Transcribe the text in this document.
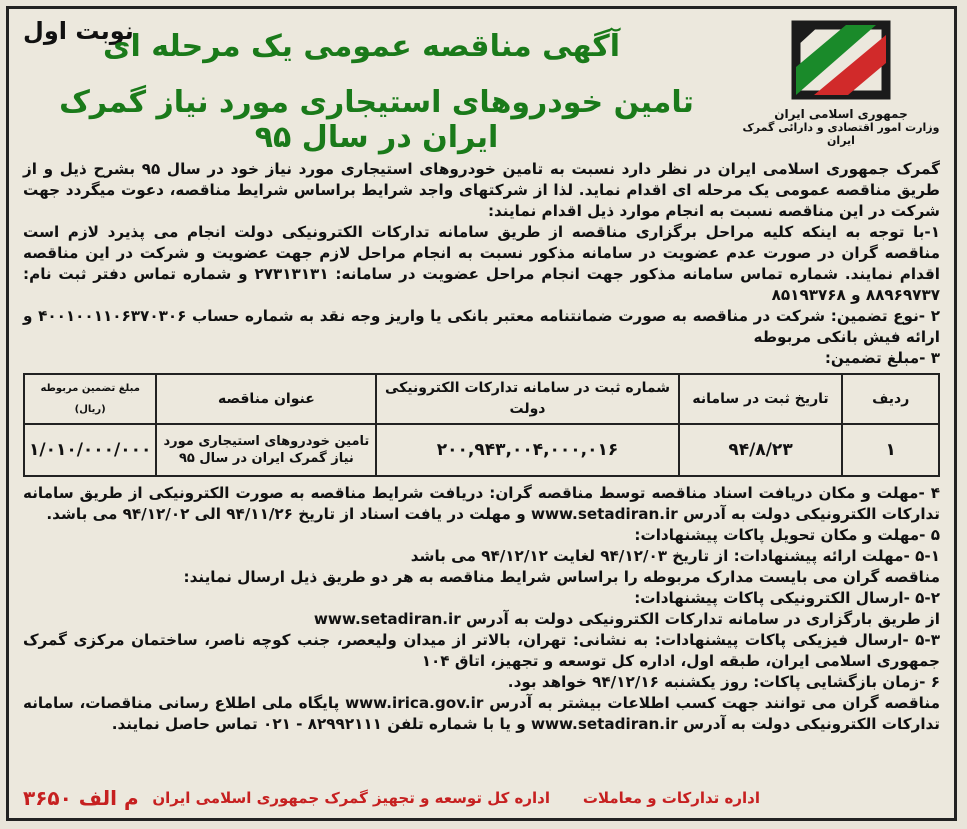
نوبت اول
آگهی مناقصه عمومی یک مرحله ای
تامین خودروهای استیجاری مورد نیاز گمرک ایران در سال ۹۵
جمهوری اسلامی ایران
وزارت امور اقتصادی و دارائی گمرک ایران

گمرک جمهوری اسلامی ایران در نظر دارد نسبت به تامین خودروهای استیجاری مورد نیاز خود در سال ۹۵ بشرح ذیل و از طریق مناقصه عمومی یک مرحله ای اقدام نماید. لذا از شرکتهای واجد شرایط براساس شرایط مناقصه، دعوت میگردد جهت شرکت در این مناقصه نسبت به انجام موارد ذیل اقدام نمایند:

۱-با توجه به اینکه کلیه مراحل برگزاری مناقصه از طریق سامانه تدارکات الکترونیکی دولت انجام می پذیرد لازم است مناقصه گران در صورت عدم عضویت در سامانه مذکور نسبت به انجام مراحل لازم جهت عضویت و شرکت در این مناقصه اقدام نمایند. شماره تماس سامانه مذکور جهت انجام مراحل عضویت در سامانه: ۲۷۳۱۳۱۳۱ و شماره تماس دفتر ثبت نام: ۸۸۹۶۹۷۳۷ و ۸۵۱۹۳۷۶۸

۲ -نوع تضمین: شرکت در مناقصه به صورت ضمانتنامه معتبر بانکی یا واریز وجه نقد به شماره حساب ۴۰۰۱۰۰۱۱۰۶۳۷۰۳۰۶ و ارائه فیش بانکی مربوطه

۳ -مبلغ تضمین:

ردیف	تاریخ ثبت در سامانه	شماره ثبت در سامانه تدارکات الکترونیکی دولت	عنوان مناقصه	مبلغ تضمین مربوطه (ریال)
۱	۹۴/۸/۲۳	۲۰۰,۹۴۳,۰۰۴,۰۰۰,۰۱۶	تامین خودروهای استیجاری مورد نیاز گمرک ایران در سال ۹۵	۱/۰۱۰/۰۰۰/۰۰۰

۴ -مهلت و مکان دریافت اسناد مناقصه توسط مناقصه گران: دریافت شرایط مناقصه به صورت الکترونیکی از طریق سامانه تدارکات الکترونیکی دولت به آدرس www.setadiran.ir و مهلت در یافت اسناد از تاریخ ۹۴/۱۱/۲۶ الی ۹۴/۱۲/۰۲ می باشد.

۵ -مهلت و مکان تحویل پاکات پیشنهادات:

۵-۱ -مهلت ارائه پیشنهادات: از تاریخ ۹۴/۱۲/۰۳ لغایت ۹۴/۱۲/۱۲ می باشد

مناقصه گران می بایست مدارک مربوطه را براساس شرایط مناقصه به هر دو طریق ذیل ارسال نمایند:

۵-۲ -ارسال الکترونیکی پاکات پیشنهادات:

از طریق بارگزاری در سامانه تدارکات الکترونیکی دولت به آدرس www.setadiran.ir

۵-۳ -ارسال فیزیکی پاکات پیشنهادات: به نشانی: تهران، بالاتر از میدان ولیعصر، جنب کوچه ناصر، ساختمان مرکزی گمرک جمهوری اسلامی ایران، طبقه اول، اداره کل توسعه و تجهیز، اتاق ۱۰۴

۶ -زمان بازگشایی پاکات: روز یکشنبه ۹۴/۱۲/۱۶ خواهد بود.

مناقصه گران می توانند جهت کسب اطلاعات بیشتر به آدرس www.irica.gov.ir پایگاه ملی اطلاع رسانی مناقصات، سامانه تدارکات الکترونیکی دولت به آدرس www.setadiran.ir و یا با شماره تلفن ۸۲۹۹۲۱۱۱ - ۰۲۱ تماس حاصل نمایند.

اداره کل توسعه و تجهیز گمرک جمهوری اسلامی ایران اداره تدارکات و معاملات
م الف ۳۶۵۰
